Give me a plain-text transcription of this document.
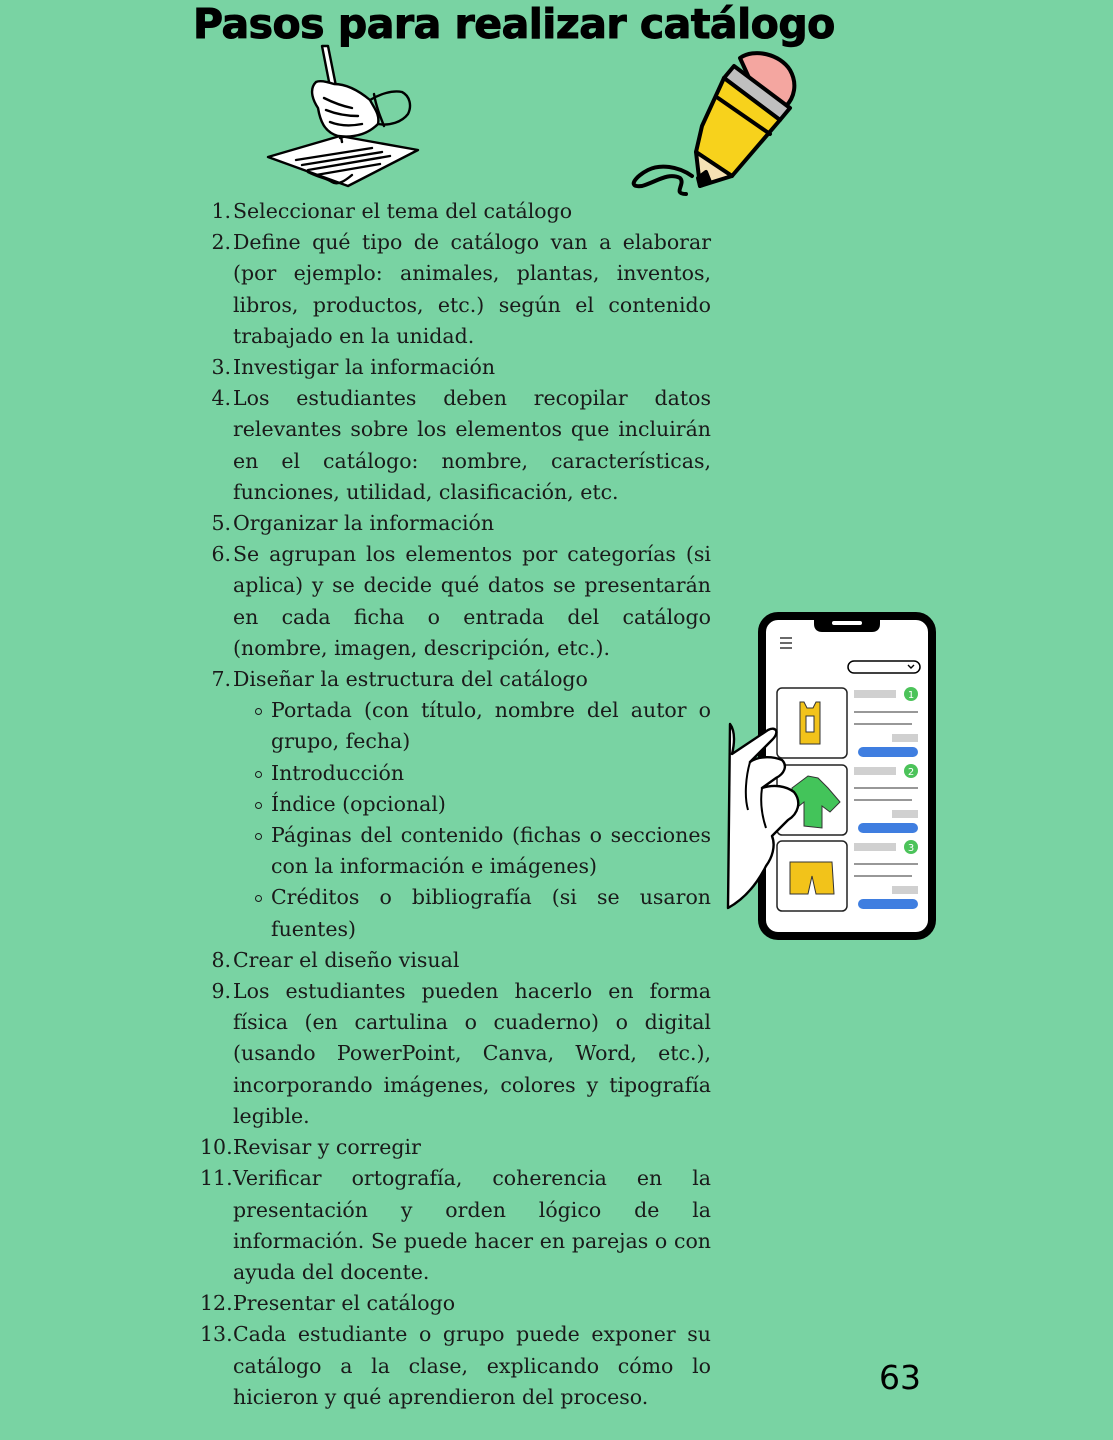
Pasos para realizar catálogo
1
2
3
1. Seleccionar el tema del catálogo
2. Define qué tipo de catálogo van a elaborar (por ejemplo: animales, plantas, inventos, libros, productos, etc.) según el contenido trabajado en la unidad.
3. Investigar la información
4. Los estudiantes deben recopilar datos relevantes sobre los elementos que incluirán en el catálogo: nombre, características, funciones, utilidad, clasificación, etc.
5. Organizar la información
6. Se agrupan los elementos por categorías (si aplica) y se decide qué datos se presentarán en cada ficha o entrada del catálogo (nombre, imagen, descripción, etc.).
7. Diseñar la estructura del catálogo
Portada (con título, nombre del autor o grupo, fecha)
Introducción
Índice (opcional)
Páginas del contenido (fichas o secciones con la información e imágenes)
Créditos o bibliografía (si se usaron fuentes)
8. Crear el diseño visual
9. Los estudiantes pueden hacerlo en forma física (en cartulina o cuaderno) o digital (usando PowerPoint, Canva, Word, etc.), incorporando imágenes, colores y tipografía legible.
10. Revisar y corregir
11. Verificar ortografía, coherencia en la presentación y orden lógico de la información. Se puede hacer en parejas o con ayuda del docente.
12. Presentar el catálogo
13. Cada estudiante o grupo puede exponer su catálogo a la clase, explicando cómo lo hicieron y qué aprendieron del proceso.	63
